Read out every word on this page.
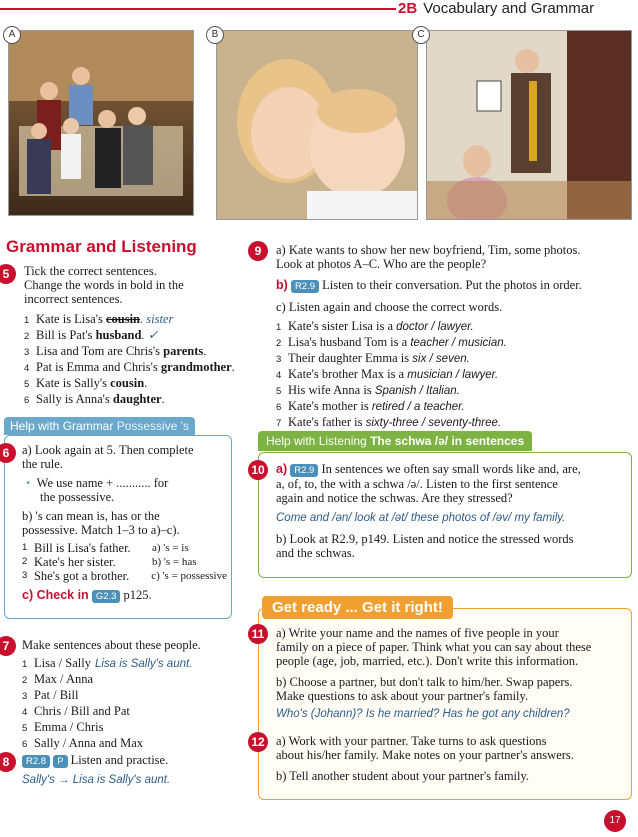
2B Vocabulary and Grammar
A	B	C
Grammar and Listening
5	Tick the correct sentences.
Change the words in bold in the
incorrect sentences.
1 Kate is Lisa's cousin. sister
2 Bill is Pat's husband. ✓
3 Lisa and Tom are Chris's parents.
4 Pat is Emma and Chris's grandmother.
5 Kate is Sally's cousin.
6 Sally is Anna's daughter.
Help with Grammar Possessive 's
6	a) Look again at 5. Then complete
the rule.
• We use name + ........... for
the possessive.
b) 's can mean is, has or the
possessive. Match 1–3 to a)–c).
1 Bill is Lisa's father.	a) 's = is
2 Kate's her sister.	b) 's = has
3 She's got a brother.	c) 's = possessive
c) Check in G2.3 p125.
7	Make sentences about these people.
1 Lisa / Sally Lisa is Sally's aunt.
2 Max / Anna
3 Pat / Bill
4 Chris / Bill and Pat
5 Emma / Chris
6 Sally / Anna and Max
8	R2.8 P Listen and practise.
Sally's → Lisa is Sally's aunt.
9	a) Kate wants to show her new boyfriend, Tim, some photos.
Look at photos A–C. Who are the people?
b) R2.9 Listen to their conversation. Put the photos in order.
c) Listen again and choose the correct words.
1 Kate's sister Lisa is a doctor / lawyer.
2 Lisa's husband Tom is a teacher / musician.
3 Their daughter Emma is six / seven.
4 Kate's brother Max is a musician / lawyer.
5 His wife Anna is Spanish / Italian.
6 Kate's mother is retired / a teacher.
7 Kate's father is sixty-three / seventy-three.
Help with Listening The schwa /ə/ in sentences
10 a) R2.9 In sentences we often say small words like and, are,
a, of, to, the with a schwa /ə/. Listen to the first sentence
again and notice the schwas. Are they stressed?
Come and /ən/ look at /ət/ these photos of /əv/ my family.
b) Look at R2.9, p149. Listen and notice the stressed words
and the schwas.
Get ready ... Get it right!
11 a) Write your name and the names of five people in your
family on a piece of paper. Think what you can say about these
people (age, job, married, etc.). Don't write this information.
b) Choose a partner, but don't talk to him/her. Swap papers.
Make questions to ask about your partner's family.
Who's (Johann)? Is he married? Has he got any children?
12 a) Work with your partner. Take turns to ask questions
about his/her family. Make notes on your partner's answers.
b) Tell another student about your partner's family.
17
